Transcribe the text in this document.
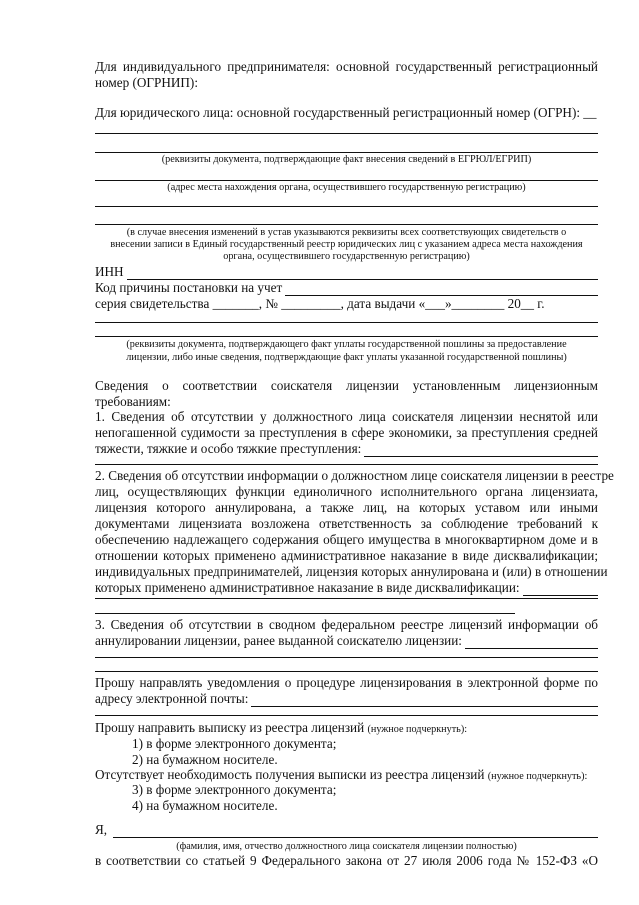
Для индивидуального предпринимателя: основной государственный регистрационный
номер (ОГРНИП):
Для юридического лица: основной государственный регистрационный номер (ОГРН): __
(реквизиты документа, подтверждающие факт внесения сведений в ЕГРЮЛ/ЕГРИП)
(адрес места нахождения органа, осуществившего государственную регистрацию)
(в случае внесения изменений в устав указываются реквизиты всех соответствующих свидетельств о
внесении записи в Единый государственный реестр юридических лиц с указанием адреса места нахождения
органа, осуществившего государственную регистрацию)
ИНН
Код причины постановки на учет
серия свидетельства _______, № _________, дата выдачи «___»________ 20__ г.
(реквизиты документа, подтверждающего факт уплаты государственной пошлины за предоставление
лицензии, либо иные сведения, подтверждающие факт уплаты указанной государственной пошлины)
Сведения о соответствии соискателя лицензии установленным лицензионным
требованиям:
1. Сведения об отсутствии у должностного лица соискателя лицензии неснятой или
непогашенной судимости за преступления в сфере экономики, за преступления средней
тяжести, тяжкие и особо тяжкие преступления:
2. Сведения об отсутствии информации о должностном лице соискателя лицензии в реестре
лиц, осуществляющих функции единоличного исполнительного органа лицензиата,
лицензия которого аннулирована, а также лиц, на которых уставом или иными
документами лицензиата возложена ответственность за соблюдение требований к
обеспечению надлежащего содержания общего имущества в многоквартирном доме и в
отношении которых применено административное наказание в виде дисквалификации;
индивидуальных предпринимателей, лицензия которых аннулирована и (или) в отношении
которых применено административное наказание в виде дисквалификации:
3. Сведения об отсутствии в сводном федеральном реестре лицензий информации об
аннулировании лицензии, ранее выданной соискателю лицензии:
Прошу направлять уведомления о процедуре лицензирования в электронной форме по
адресу электронной почты:
Прошу направить выписку из реестра лицензий (нужное подчеркнуть):
1) в форме электронного документа;
2) на бумажном носителе.
Отсутствует необходимость получения выписки из реестра лицензий (нужное подчеркнуть):
3) в форме электронного документа;
4) на бумажном носителе.
Я,
(фамилия, имя, отчество должностного лица соискателя лицензии полностью)
в соответствии со статьей 9 Федерального закона от 27 июля 2006 года № 152-ФЗ «О
